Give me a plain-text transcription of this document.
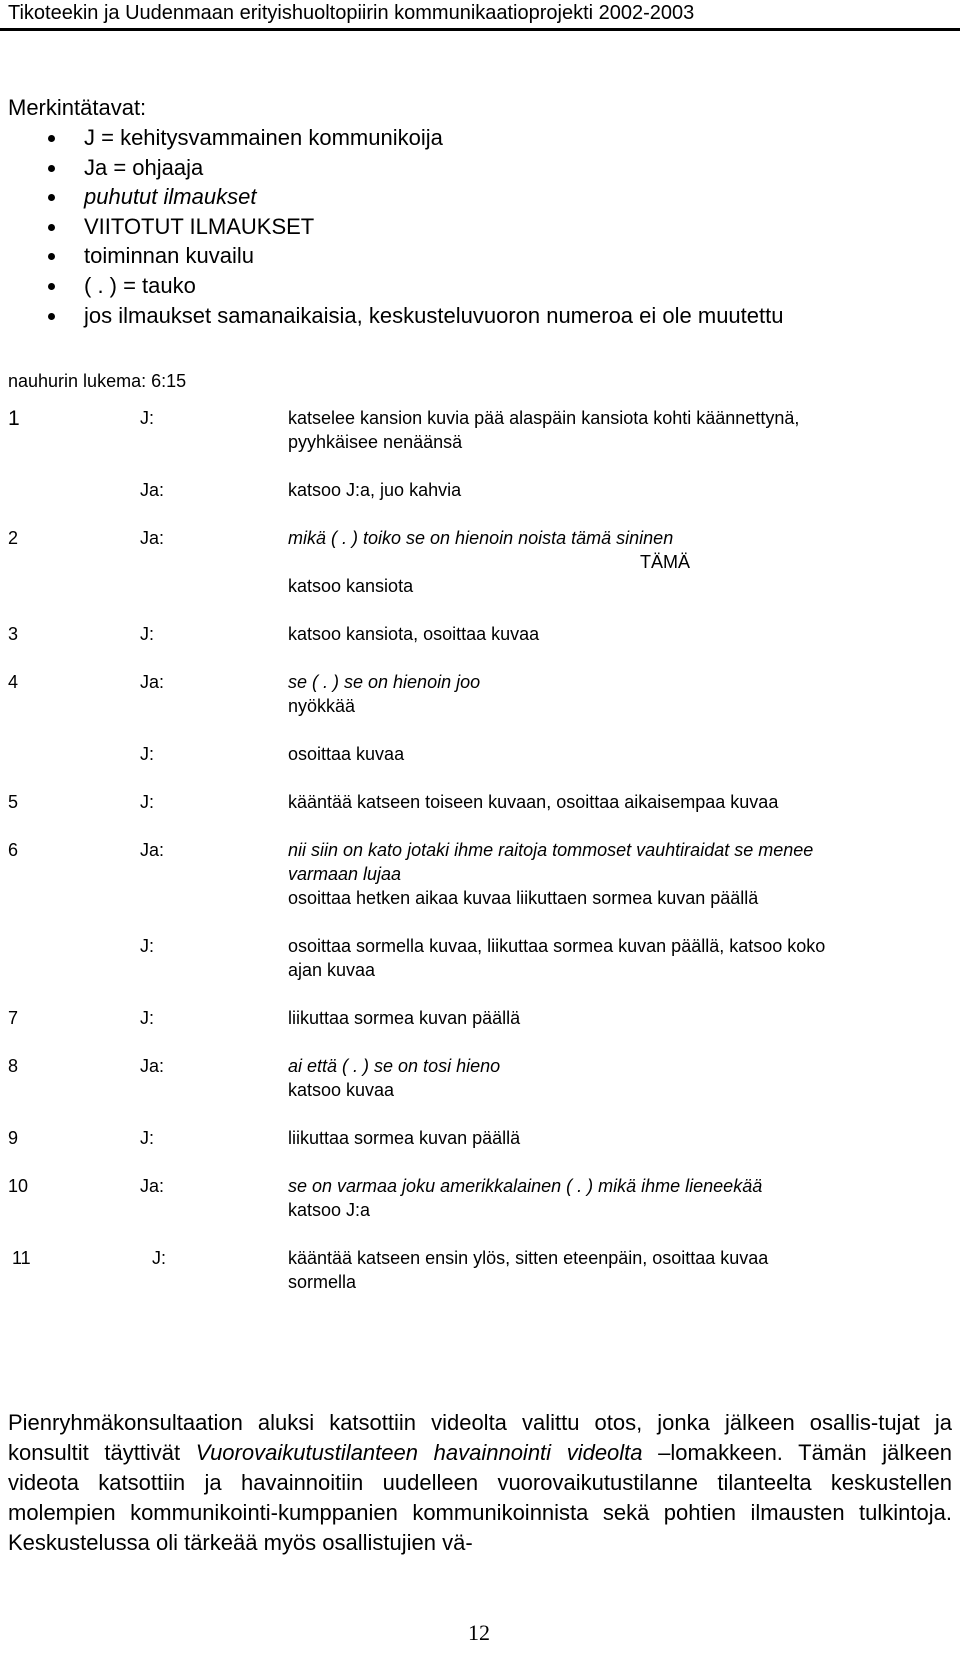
Tikoteekin ja Uudenmaan erityishuoltopiirin kommunikaatioprojekti 2002-2003
Merkintätavat:
J = kehitysvammainen kommunikoija
Ja = ohjaaja
puhutut ilmaukset
VIITOTUT ILMAUKSET
toiminnan kuvailu
( . ) = tauko
jos ilmaukset samanaikaisia, keskusteluvuoron numeroa ei ole muutettu
nauhurin lukema: 6:15
1	J:	katselee kansion kuvia pää alaspäin kansiota kohti käännettynä,
pyyhkäisee nenäänsä
Ja:	katsoo J:a, juo kahvia
2	Ja:	mikä ( . ) toiko se on hienoin noista tämä sininen
TÄMÄ
katsoo kansiota
3	J:	katsoo kansiota, osoittaa kuvaa
4	Ja:	se ( . ) se on hienoin joo
nyökkää
J:	osoittaa kuvaa
5	J:	kääntää katseen toiseen kuvaan, osoittaa aikaisempaa kuvaa
6	Ja:	nii siin on kato jotaki ihme raitoja tommoset vauhtiraidat se menee
varmaan lujaa
osoittaa hetken aikaa kuvaa liikuttaen sormea kuvan päällä
J:	osoittaa sormella kuvaa, liikuttaa sormea kuvan päällä, katsoo koko
ajan kuvaa
7	J:	liikuttaa sormea kuvan päällä
8	Ja:	ai että ( . ) se on tosi hieno
katsoo kuvaa
9	J:	liikuttaa sormea kuvan päällä
10	Ja:	se on varmaa joku amerikkalainen ( . ) mikä ihme lieneekää
katsoo J:a
11	J:	kääntää katseen ensin ylös, sitten eteenpäin, osoittaa kuvaa
sormella

Pienryhmäkonsultaation aluksi katsottiin videolta valittu otos, jonka jälkeen osallis-tujat ja konsultit täyttivät Vuorovaikutustilanteen havainnointi videolta –lomakkeen. Tämän jälkeen videota katsottiin ja havainnoitiin uudelleen vuorovaikutustilanne tilanteelta keskustellen molempien kommunikointi-kumppanien kommunikoinnista sekä pohtien ilmausten tulkintoja. Keskustelussa oli tärkeää myös osallistujien vä-

12
